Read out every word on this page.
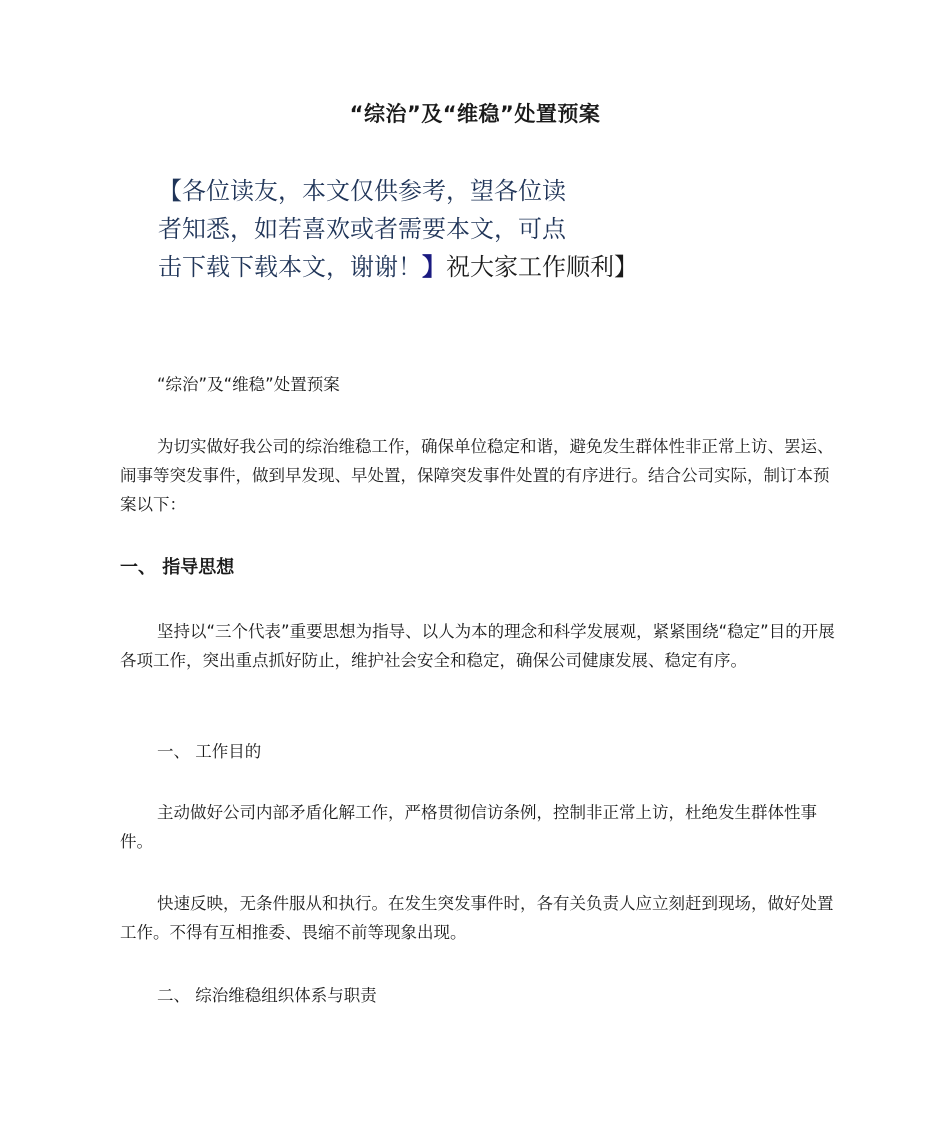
“综治”及“维稳”处置预案
【各位读友，本文仅供参考，望各位读
者知悉，如若喜欢或者需要本文，可点
击下载下载本文，谢谢！】祝大家工作顺利】
“综治”及“维稳”处置预案
为切实做好我公司的综治维稳工作，确保单位稳定和谐，避免发生群体性非正常上访、罢运、闹事等突发事件，做到早发现、早处置，保障突发事件处置的有序进行。结合公司实际，制订本预案以下：
一、 指导思想
坚持以“三个代表”重要思想为指导、以人为本的理念和科学发展观，紧紧围绕“稳定”目的开展各项工作，突出重点抓好防止，维护社会安全和稳定，确保公司健康发展、稳定有序。
一、 工作目的
主动做好公司内部矛盾化解工作，严格贯彻信访条例，控制非正常上访，杜绝发生群体性事件。
快速反映，无条件服从和执行。在发生突发事件时，各有关负责人应立刻赶到现场，做好处置工作。不得有互相推委、畏缩不前等现象出现。
二、 综治维稳组织体系与职责
